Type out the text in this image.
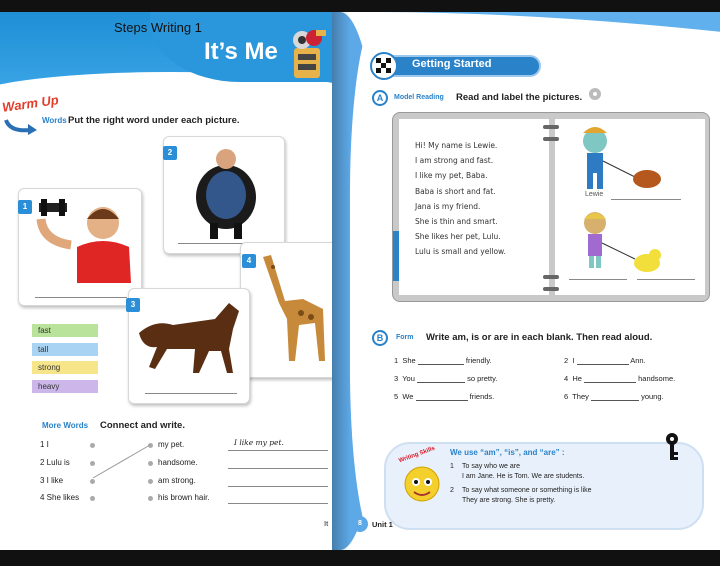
Steps Writing 1
It’s Me
Warm Up
Words Put the right word under each picture.
2
1
4
3
fast
tall
strong
heavy
More Words Connect and write.
1 I
2 Lulu is
3 I like
4 She likes
my pet.
handsome.
am strong.
his brown hair.
I like my pet.
It
Getting Started
A	Model Reading Read and label the pictures.
Hi! My name is Lewie.
I am strong and fast.
I like my pet, Baba.
Baba is short and fat.
Jana is my friend.
She is thin and smart.
She likes her pet, Lulu.
Lulu is small and yellow.
Lewie
B	Form Write am, is or are in each blank. Then read aloud.
1 She	friendly.	2 I	Ann.
3 You	so pretty.	4 He	handsome.
5 We	friends.	6 They	young.
Writing Skills We use “am”, “is”, and “are” :
1 To say who we are
I am Jane. He is Tom. We are students.
2 To say what someone or something is like
They are strong. She is pretty.
8	Unit 1
